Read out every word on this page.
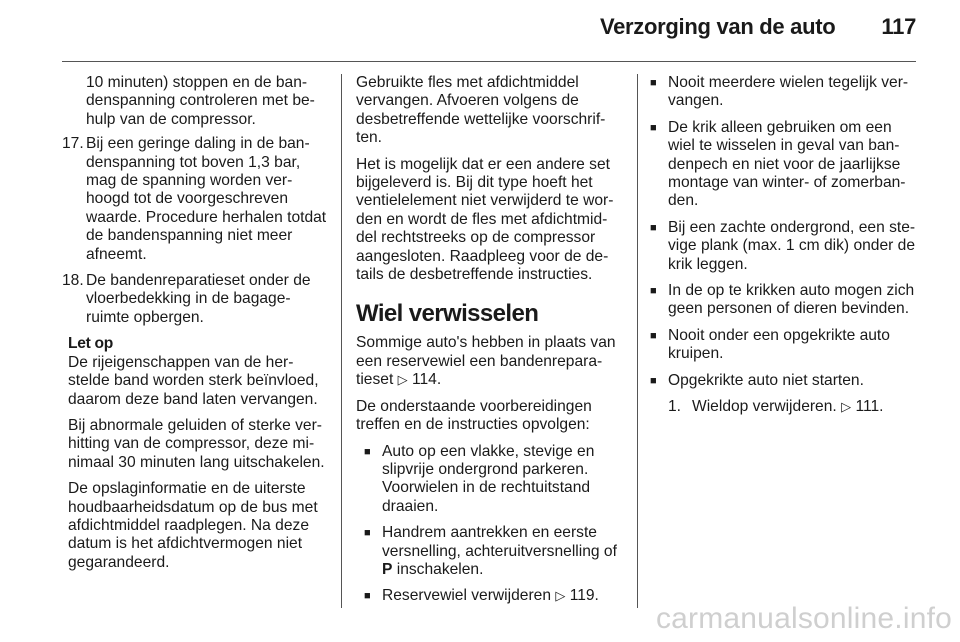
Verzorging van de auto 117
10 minuten) stoppen en de bandenspanning controleren met behulp van de compressor.
17. Bij een geringe daling in de bandenspanning tot boven 1,3 bar, mag de spanning worden verhoogd tot de voorgeschreven waarde. Procedure herhalen totdat de bandenspanning niet meer afneemt.
18. De bandenreparatieset onder de vloerbedekking in de bagageruimte opbergen.
Let op

De rijeigenschappen van de herstelde band worden sterk beïnvloed, daarom deze band laten vervangen.

Bij abnormale geluiden of sterke verhitting van de compressor, deze minimaal 30 minuten lang uitschakelen.

De opslaginformatie en de uiterste houdbaarheidsdatum op de bus met afdichtmiddel raadplegen. Na deze datum is het afdichtvermogen niet gegarandeerd.

Gebruikte fles met afdichtmiddel vervangen. Afvoeren volgens de desbetreffende wettelijke voorschriften.

Het is mogelijk dat er een andere set bijgeleverd is. Bij dit type hoeft het ventielelement niet verwijderd te worden en wordt de fles met afdichtmiddel rechtstreeks op de compressor aangesloten. Raadpleeg voor de details de desbetreffende instructies.

Wiel verwisselen

Sommige auto's hebben in plaats van een reservewiel een bandenreparatieset ▷ 114.

De onderstaande voorbereidingen treffen en de instructies opvolgen:

■ Auto op een vlakke, stevige en slipvrije ondergrond parkeren. Voorwielen in de rechtuitstand draaien.
■ Handrem aantrekken en eerste versnelling, achteruitversnelling of P inschakelen.
■ Reservewiel verwijderen ▷ 119.
■ Nooit meerdere wielen tegelijk vervangen.
■ De krik alleen gebruiken om een wiel te wisselen in geval van bandenpech en niet voor de jaarlijkse montage van winter- of zomerbanden.
■ Bij een zachte ondergrond, een stevige plank (max. 1 cm dik) onder de krik leggen.
■ In de op te krikken auto mogen zich geen personen of dieren bevinden.
■ Nooit onder een opgekrikte auto kruipen.
■ Opgekrikte auto niet starten.
1. Wieldop verwijderen. ▷ 111.
carmanualsonline.info
